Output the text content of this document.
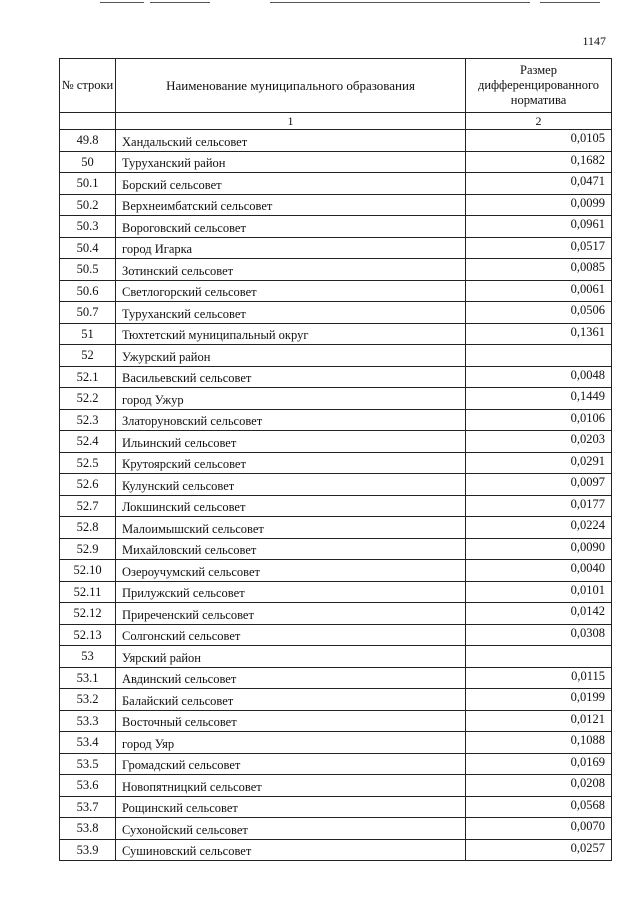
1147
№ строки	Наименование муниципального образования	Размер дифференцированного норматива
	1	2
49.8	Хандальский сельсовет	0,0105
50	Туруханский район	0,1682
50.1	Борский сельсовет	0,0471
50.2	Верхнеимбатский сельсовет	0,0099
50.3	Вороговский сельсовет	0,0961
50.4	город Игарка	0,0517
50.5	Зотинский сельсовет	0,0085
50.6	Светлогорский сельсовет	0,0061
50.7	Туруханский сельсовет	0,0506
51	Тюхтетский муниципальный округ	0,1361
52	Ужурский район	
52.1	Васильевский сельсовет	0,0048
52.2	город Ужур	0,1449
52.3	Златоруновский сельсовет	0,0106
52.4	Ильинский сельсовет	0,0203
52.5	Крутоярский сельсовет	0,0291
52.6	Кулунский сельсовет	0,0097
52.7	Локшинский сельсовет	0,0177
52.8	Малоимышский сельсовет	0,0224
52.9	Михайловский сельсовет	0,0090
52.10	Озероучумский сельсовет	0,0040
52.11	Прилужский сельсовет	0,0101
52.12	Приреченский сельсовет	0,0142
52.13	Солгонский сельсовет	0,0308
53	Уярский район	
53.1	Авдинский сельсовет	0,0115
53.2	Балайский сельсовет	0,0199
53.3	Восточный сельсовет	0,0121
53.4	город Уяр	0,1088
53.5	Громадский сельсовет	0,0169
53.6	Новопятницкий сельсовет	0,0208
53.7	Рощинский сельсовет	0,0568
53.8	Сухонойский сельсовет	0,0070
53.9	Сушиновский сельсовет	0,0257
